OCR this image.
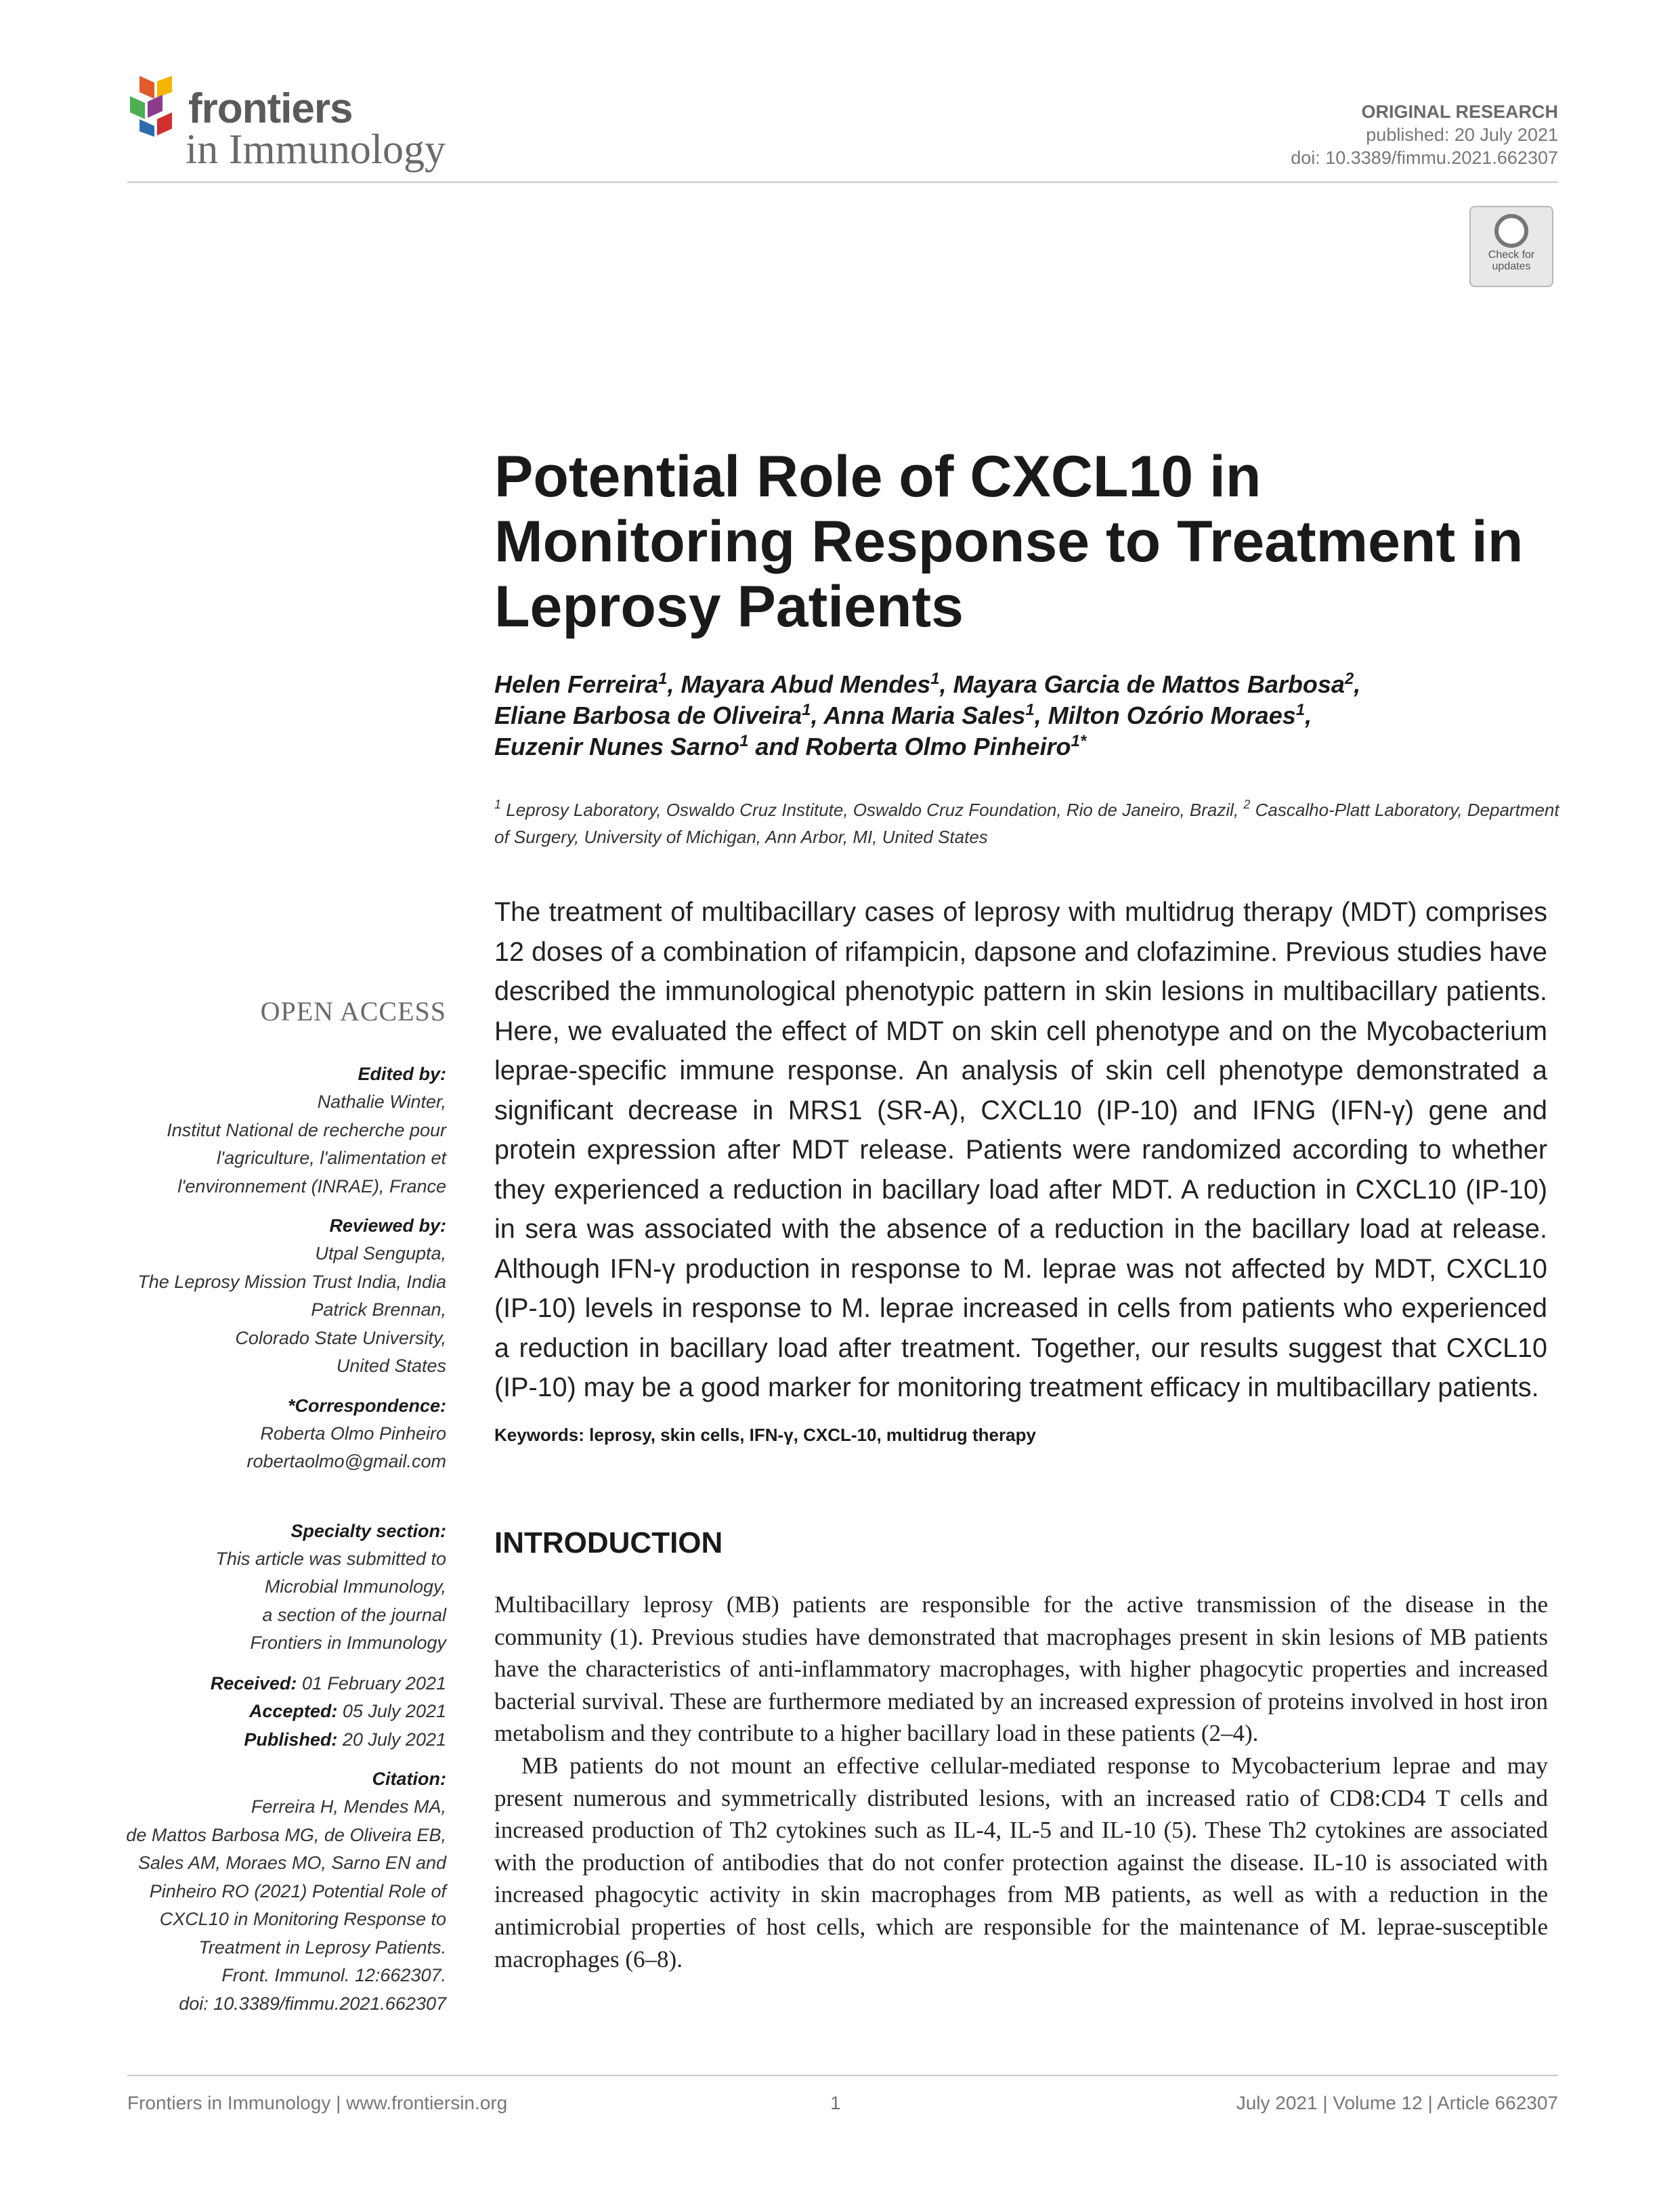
frontiers
in Immunology
ORIGINAL RESEARCH
published: 20 July 2021
doi: 10.3389/fimmu.2021.662307
Check for updates
Potential Role of CXCL10 in Monitoring Response to Treatment in Leprosy Patients
Helen Ferreira$^1$, Mayara Abud Mendes$^1$, Mayara Garcia de Mattos Barbosa$^2$,
Eliane Barbosa de Oliveira$^1$, Anna Maria Sales$^1$, Milton Ozório Moraes$^1$,
Euzenir Nunes Sarno$^1$ and Roberta Olmo Pinheiro$^{1*}$
$^1$ Leprosy Laboratory, Oswaldo Cruz Institute, Oswaldo Cruz Foundation, Rio de Janeiro, Brazil, $^2$ Cascalho-Platt Laboratory, Department of Surgery, University of Michigan, Ann Arbor, MI, United States

The treatment of multibacillary cases of leprosy with multidrug therapy (MDT) comprises 12 doses of a combination of rifampicin, dapsone and clofazimine. Previous studies have described the immunological phenotypic pattern in skin lesions in multibacillary patients. Here, we evaluated the effect of MDT on skin cell phenotype and on the Mycobacterium leprae-specific immune response. An analysis of skin cell phenotype demonstrated a significant decrease in MRS1 (SR-A), CXCL10 (IP-10) and IFNG (IFN-γ) gene and protein expression after MDT release. Patients were randomized according to whether they experienced a reduction in bacillary load after MDT. A reduction in CXCL10 (IP-10) in sera was associated with the absence of a reduction in the bacillary load at release. Although IFN-γ production in response to M. leprae was not affected by MDT, CXCL10 (IP-10) levels in response to M. leprae increased in cells from patients who experienced a reduction in bacillary load after treatment. Together, our results suggest that CXCL10 (IP-10) may be a good marker for monitoring treatment efficacy in multibacillary patients.

Keywords: leprosy, skin cells, IFN-γ, CXCL-10, multidrug therapy
OPEN ACCESS
Edited by:
Nathalie Winter,
Institut National de recherche pour
l'agriculture, l'alimentation et
l'environnement (INRAE), France
Reviewed by:
Utpal Sengupta,
The Leprosy Mission Trust India, India
Patrick Brennan,
Colorado State University,
United States
*Correspondence:
Roberta Olmo Pinheiro
robertaolmo@gmail.com
Specialty section:
This article was submitted to
Microbial Immunology,
a section of the journal
Frontiers in Immunology
Received: 01 February 2021
Accepted: 05 July 2021
Published: 20 July 2021
Citation:
Ferreira H, Mendes MA,
de Mattos Barbosa MG, de Oliveira EB,
Sales AM, Moraes MO, Sarno EN and
Pinheiro RO (2021) Potential Role of
CXCL10 in Monitoring Response to
Treatment in Leprosy Patients.
Front. Immunol. 12:662307.
doi: 10.3389/fimmu.2021.662307
INTRODUCTION

Multibacillary leprosy (MB) patients are responsible for the active transmission of the disease in the community (1). Previous studies have demonstrated that macrophages present in skin lesions of MB patients have the characteristics of anti-inflammatory macrophages, with higher phagocytic properties and increased bacterial survival. These are furthermore mediated by an increased expression of proteins involved in host iron metabolism and they contribute to a higher bacillary load in these patients (2–4).

MB patients do not mount an effective cellular-mediated response to Mycobacterium leprae and may present numerous and symmetrically distributed lesions, with an increased ratio of CD8:CD4 T cells and increased production of Th2 cytokines such as IL-4, IL-5 and IL-10 (5). These Th2 cytokines are associated with the production of antibodies that do not confer protection against the disease. IL-10 is associated with increased phagocytic activity in skin macrophages from MB patients, as well as with a reduction in the antimicrobial properties of host cells, which are responsible for the maintenance of M. leprae-susceptible macrophages (6–8).

Frontiers in Immunology | www.frontiersin.org	1	July 2021 | Volume 12 | Article 662307
